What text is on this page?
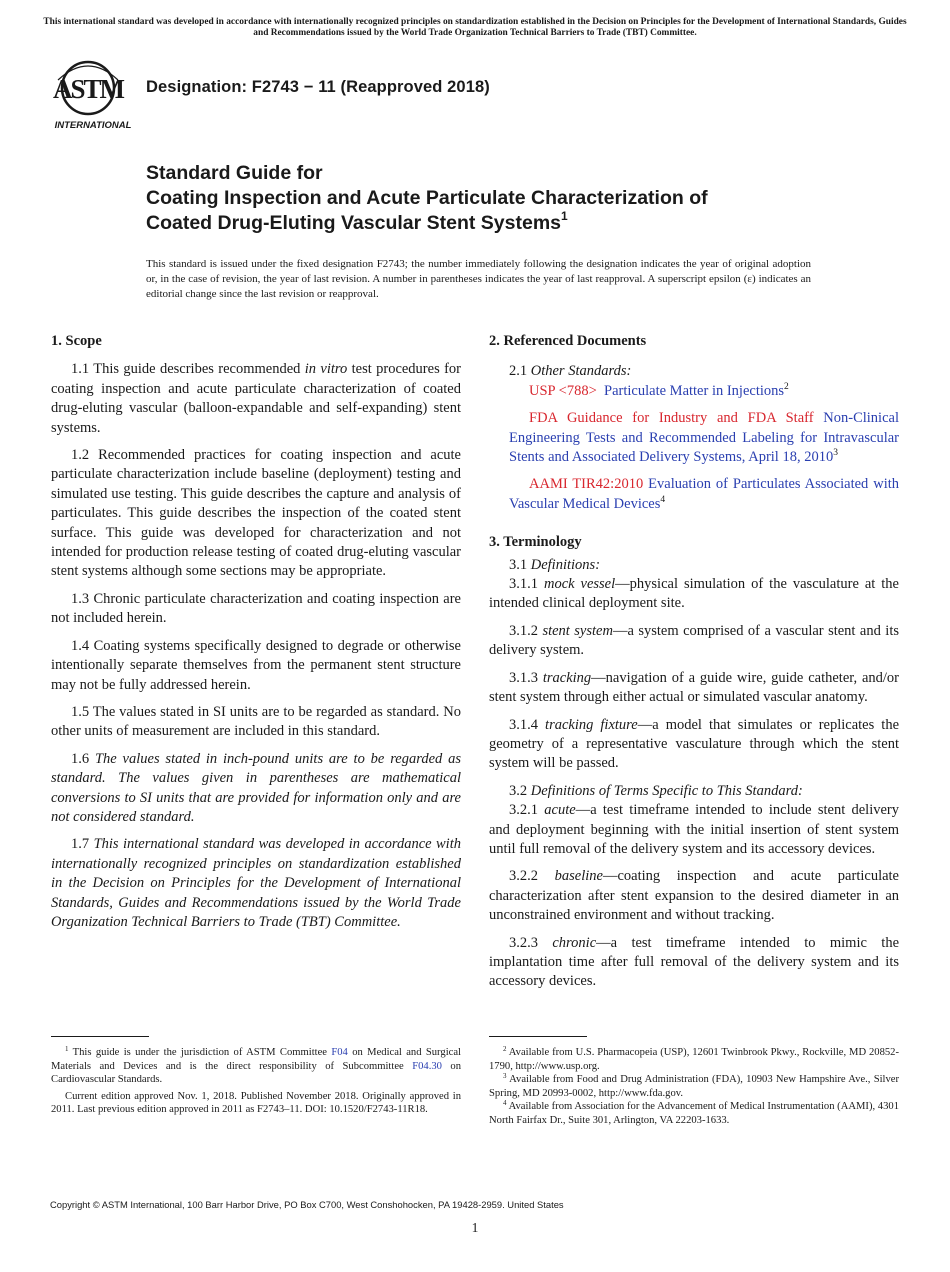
This international standard was developed in accordance with internationally recognized principles on standardization established in the Decision on Principles for the Development of International Standards, Guides and Recommendations issued by the World Trade Organization Technical Barriers to Trade (TBT) Committee.
ASTM
INTERNATIONAL
Designation: F2743 − 11 (Reapproved 2018)
Standard Guide for
Coating Inspection and Acute Particulate Characterization of
Coated Drug-Eluting Vascular Stent Systems$^1$
This standard is issued under the fixed designation F2743; the number immediately following the designation indicates the year of original adoption or, in the case of revision, the year of last revision. A number in parentheses indicates the year of last reapproval. A superscript epsilon (ε) indicates an editorial change since the last revision or reapproval.

1. Scope

1.1 This guide describes recommended in vitro test procedures for coating inspection and acute particulate characterization of coated drug-eluting vascular (balloon-expandable and self-expanding) stent systems.

1.2 Recommended practices for coating inspection and acute particulate characterization include baseline (deployment) testing and simulated use testing. This guide describes the capture and analysis of particulates. This guide describes the inspection of the coated stent surface. This guide was developed for characterization and not intended for production release testing of coated drug-eluting vascular stent systems although some sections may be appropriate.

1.3 Chronic particulate characterization and coating inspection are not included herein.

1.4 Coating systems specifically designed to degrade or otherwise intentionally separate themselves from the permanent stent structure may not be fully addressed herein.

1.5 The values stated in SI units are to be regarded as standard. No other units of measurement are included in this standard.

1.6 The values stated in inch-pound units are to be regarded as standard. The values given in parentheses are mathematical conversions to SI units that are provided for information only and are not considered standard.

1.7 This international standard was developed in accordance with internationally recognized principles on standardization established in the Decision on Principles for the Development of International Standards, Guides and Recommendations issued by the World Trade Organization Technical Barriers to Trade (TBT) Committee.

2. Referenced Documents

2.1 Other Standards:

USP <788> Particulate Matter in Injections$^2$

FDA Guidance for Industry and FDA Staff Non-Clinical Engineering Tests and Recommended Labeling for Intravascular Stents and Associated Delivery Systems, April 18, 2010$^3$

AAMI TIR42:2010 Evaluation of Particulates Associated with Vascular Medical Devices$^4$

3. Terminology

3.1 Definitions:

3.1.1 mock vessel—physical simulation of the vasculature at the intended clinical deployment site.

3.1.2 stent system—a system comprised of a vascular stent and its delivery system.

3.1.3 tracking—navigation of a guide wire, guide catheter, and/or stent system through either actual or simulated vascular anatomy.

3.1.4 tracking fixture—a model that simulates or replicates the geometry of a representative vasculature through which the stent system will be passed.

3.2 Definitions of Terms Specific to This Standard:

3.2.1 acute—a test timeframe intended to include stent delivery and deployment beginning with the initial insertion of stent system until full removal of the delivery system and its accessory devices.

3.2.2 baseline—coating inspection and acute particulate characterization after stent expansion to the desired diameter in an unconstrained environment and without tracking.

3.2.3 chronic—a test timeframe intended to mimic the implantation time after full removal of the delivery system and its accessory devices.

$^1$ This guide is under the jurisdiction of ASTM Committee F04 on Medical and Surgical Materials and Devices and is the direct responsibility of Subcommittee F04.30 on Cardiovascular Standards.

Current edition approved Nov. 1, 2018. Published November 2018. Originally approved in 2011. Last previous edition approved in 2011 as F2743–11. DOI: 10.1520/F2743-11R18.

$^2$ Available from U.S. Pharmacopeia (USP), 12601 Twinbrook Pkwy., Rockville, MD 20852-1790, http://www.usp.org.

$^3$ Available from Food and Drug Administration (FDA), 10903 New Hampshire Ave., Silver Spring, MD 20993-0002, http://www.fda.gov.

$^4$ Available from Association for the Advancement of Medical Instrumentation (AAMI), 4301 North Fairfax Dr., Suite 301, Arlington, VA 22203-1633.

Copyright © ASTM International, 100 Barr Harbor Drive, PO Box C700, West Conshohocken, PA 19428-2959. United States
1
